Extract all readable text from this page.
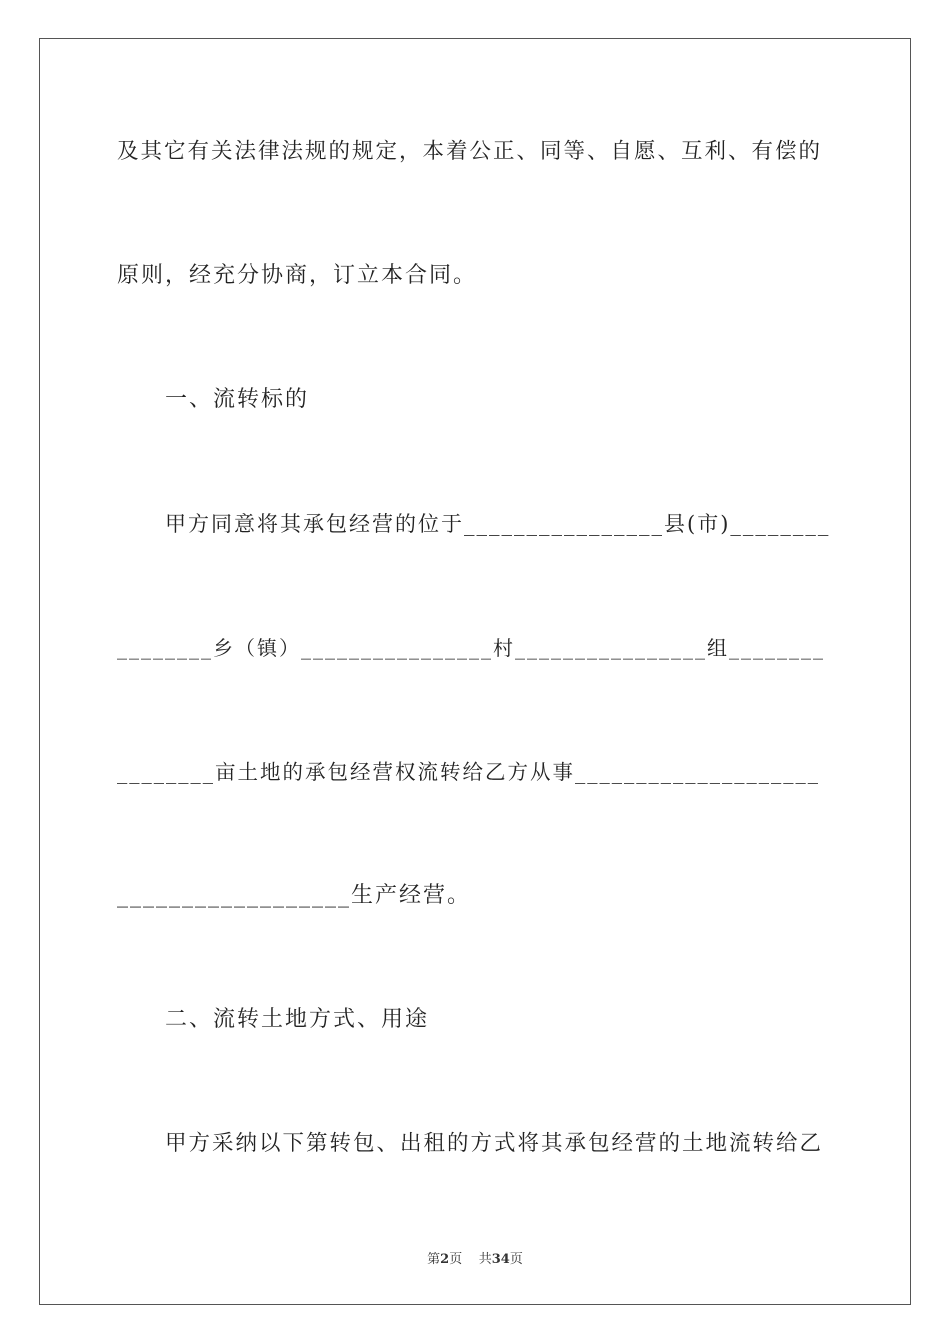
及其它有关法律法规的规定，本着公正、同等、自愿、互利、有偿的
原则，经充分协商，订立本合同。
一、流转标的
甲方同意将其承包经营的位于________________县(市)________
________乡（镇）________________村________________组________
________亩土地的承包经营权流转给乙方从事____________________
__________________生产经营。
二、流转土地方式、用途
甲方采纳以下第转包、出租的方式将其承包经营的土地流转给乙
第2页 共34页
